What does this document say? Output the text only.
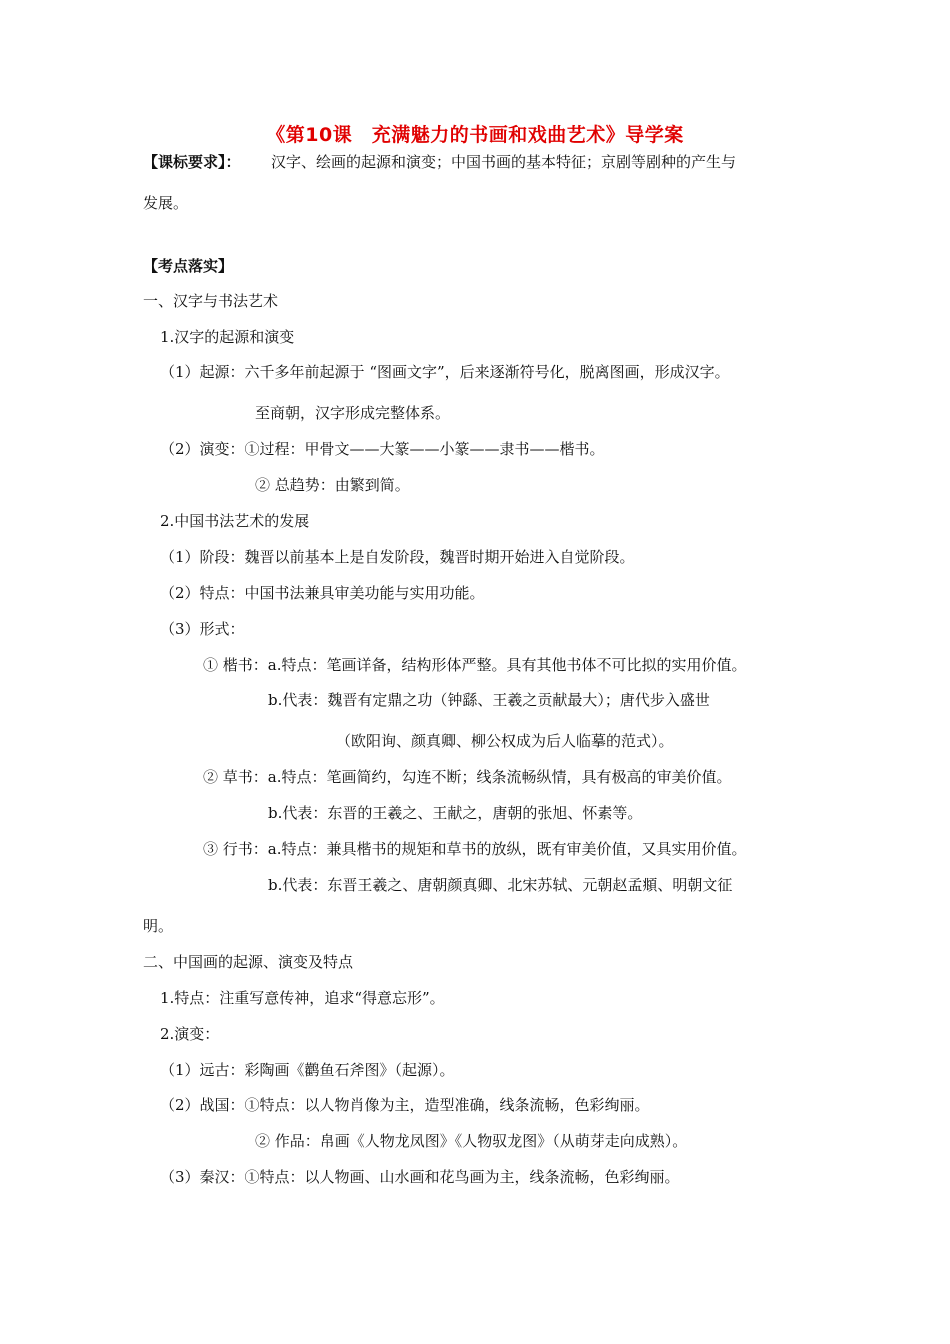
《第10课　充满魅力的书画和戏曲艺术》导学案
【课标要求】： 汉字、绘画的起源和演变；中国书画的基本特征；京剧等剧种的产生与
发展。
【考点落实】
一、汉字与书法艺术
1.汉字的起源和演变
（1）起源：六千多年前起源于 “图画文字”，后来逐渐符号化，脱离图画，形成汉字。
至商朝，汉字形成完整体系。
（2）演变：①过程：甲骨文——大篆——小篆——隶书——楷书。
② 总趋势：由繁到简。
2.中国书法艺术的发展
（1）阶段：魏晋以前基本上是自发阶段，魏晋时期开始进入自觉阶段。
（2）特点：中国书法兼具审美功能与实用功能。
（3）形式：
① 楷书：a.特点：笔画详备，结构形体严整。具有其他书体不可比拟的实用价值。
b.代表：魏晋有定鼎之功（钟繇、王羲之贡献最大）；唐代步入盛世
（欧阳询、颜真卿、柳公权成为后人临摹的范式）。
② 草书：a.特点：笔画简约，勾连不断；线条流畅纵情，具有极高的审美价值。
b.代表：东晋的王羲之、王献之，唐朝的张旭、怀素等。
③ 行书：a.特点：兼具楷书的规矩和草书的放纵，既有审美价值，又具实用价值。
b.代表：东晋王羲之、唐朝颜真卿、北宋苏轼、元朝赵孟頫、明朝文征
明。
二、中国画的起源、演变及特点
1.特点：注重写意传神，追求“得意忘形”。
2.演变：
（1）远古：彩陶画《鹳鱼石斧图》（起源）。
（2）战国：①特点：以人物肖像为主，造型准确，线条流畅，色彩绚丽。
② 作品：帛画《人物龙凤图》《人物驭龙图》（从萌芽走向成熟）。
（3）秦汉：①特点：以人物画、山水画和花鸟画为主，线条流畅，色彩绚丽。
